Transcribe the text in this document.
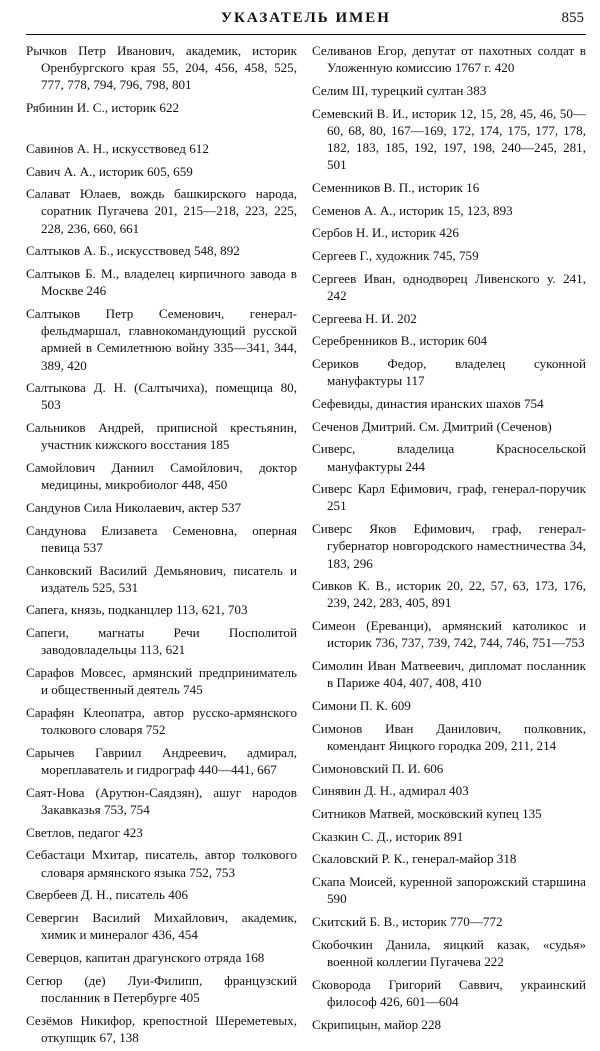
УКАЗАТЕЛЬ ИМЕН	855

Рычков Петр Иванович, академик, историк Оренбургского края 55, 204, 456, 458, 525, 777, 778, 794, 796, 798, 801

Рябинин И. С., историк 622

Савинов А. Н., искусствовед 612

Савич А. А., историк 605, 659

Салават Юлаев, вождь башкирского народа, соратник Пугачева 201, 215—218, 223, 225, 228, 236, 660, 661

Салтыков А. Б., искусствовед 548, 892

Салтыков Б. М., владелец кирпичного завода в Москве 246

Салтыков Петр Семенович, генерал-фельдмаршал, главнокомандующий русской армией в Семилетнюю войну 335—341, 344, 389, 420

Салтыкова Д. Н. (Салтычиха), помещица 80, 503

Сальников Андрей, приписной крестьянин, участник кижского восстания 185

Самойлович Даниил Самойлович, доктор медицины, микробиолог 448, 450

Сандунов Сила Николаевич, актер 537

Сандунова Елизавета Семеновна, оперная певица 537

Санковский Василий Демьянович, писатель и издатель 525, 531

Сапега, князь, подканцлер 113, 621, 703

Сапеги, магнаты Речи Посполитой заводовладельцы 113, 621

Сарафов Мовсес, армянский предприниматель и общественный деятель 745

Сарафян Клеопатра, автор русско-армянского толкового словаря 752

Сарычев Гавриил Андреевич, адмирал, мореплаватель и гидрограф 440—441, 667

Саят-Нова (Арутюн-Саядзян), ашуг народов Закавказья 753, 754

Светлов, педагог 423

Себастаци Мхитар, писатель, автор толкового словаря армянского языка 752, 753

Свербеев Д. Н., писатель 406

Севергин Василий Михайлович, академик, химик и минералог 436, 454

Северцов, капитан драгунского отряда 168

Сегюр (де) Луи-Филипп, французский посланник в Петербурге 405

Сезёмов Никифор, крепостной Шереметевых, откупщик 67, 138

Селиванов Егор, депутат от пахотных солдат в Уложенную комиссию 1767 г. 420

Селим III, турецкий султан 383

Семевский В. И., историк 12, 15, 28, 45, 46, 50—60, 68, 80, 167—169, 172, 174, 175, 177, 178, 182, 183, 185, 192, 197, 198, 240—245, 281, 501

Семенников В. П., историк 16

Семенов А. А., историк 15, 123, 893

Сербов Н. И., историк 426

Сергеев Г., художник 745, 759

Сергеев Иван, однодворец Ливенского у. 241, 242

Сергеева Н. И. 202

Серебренников В., историк 604

Сериков Федор, владелец суконной мануфактуры 117

Сефевиды, династия иранских шахов 754

Сеченов Дмитрий. См. Дмитрий (Сеченов)

Сиверс, владелица Красносельской мануфактуры 244

Сиверс Карл Ефимович, граф, генерал-поручик 251

Сиверс Яков Ефимович, граф, генерал-губернатор новгородского наместничества 34, 183, 296

Сивков К. В., историк 20, 22, 57, 63, 173, 176, 239, 242, 283, 405, 891

Симеон (Ереванци), армянский католикос и историк 736, 737, 739, 742, 744, 746, 751—753

Симолин Иван Матвеевич, дипломат посланник в Париже 404, 407, 408, 410

Симони П. К. 609

Симонов Иван Данилович, полковник, комендант Яицкого городка 209, 211, 214

Симоновский П. И. 606

Синявин Д. Н., адмирал 403

Ситников Матвей, московский купец 135

Сказкин С. Д., историк 891

Скаловский Р. К., генерал-майор 318

Скапа Моисей, куренной запорожский старшина 590

Скитский Б. В., историк 770—772

Скобочкин Данила, яицкий казак, «судья» военной коллегии Пугачева 222

Сковорода Григорий Саввич, украинский философ 426, 601—604

Скрипицын, майор 228
